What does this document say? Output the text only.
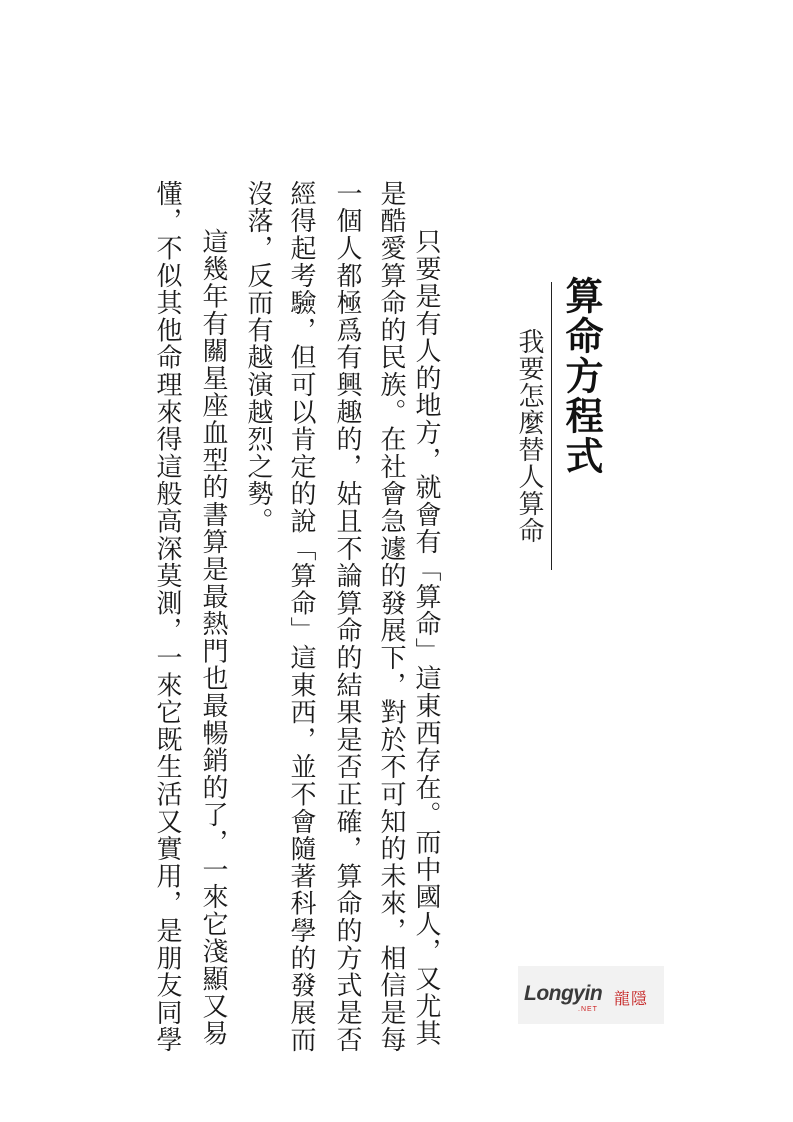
算命方程式
我要怎麼替人算命
只要是有人的地方，就會有「算命」這東西存在。而中國人，又尤其
是酷愛算命的民族。在社會急遽的發展下，對於不可知的未來，相信是每
一個人都極爲有興趣的，姑且不論算命的結果是否正確，算命的方式是否
經得起考驗，但可以肯定的說「算命」這東西，並不會隨著科學的發展而
沒落，反而有越演越烈之勢。
這幾年有關星座血型的書算是最熱門也最暢銷的了，一來它淺顯又易
懂，不似其他命理來得這般高深莫測，一來它既生活又實用，是朋友同學	Longyin
.NET
龍隱
